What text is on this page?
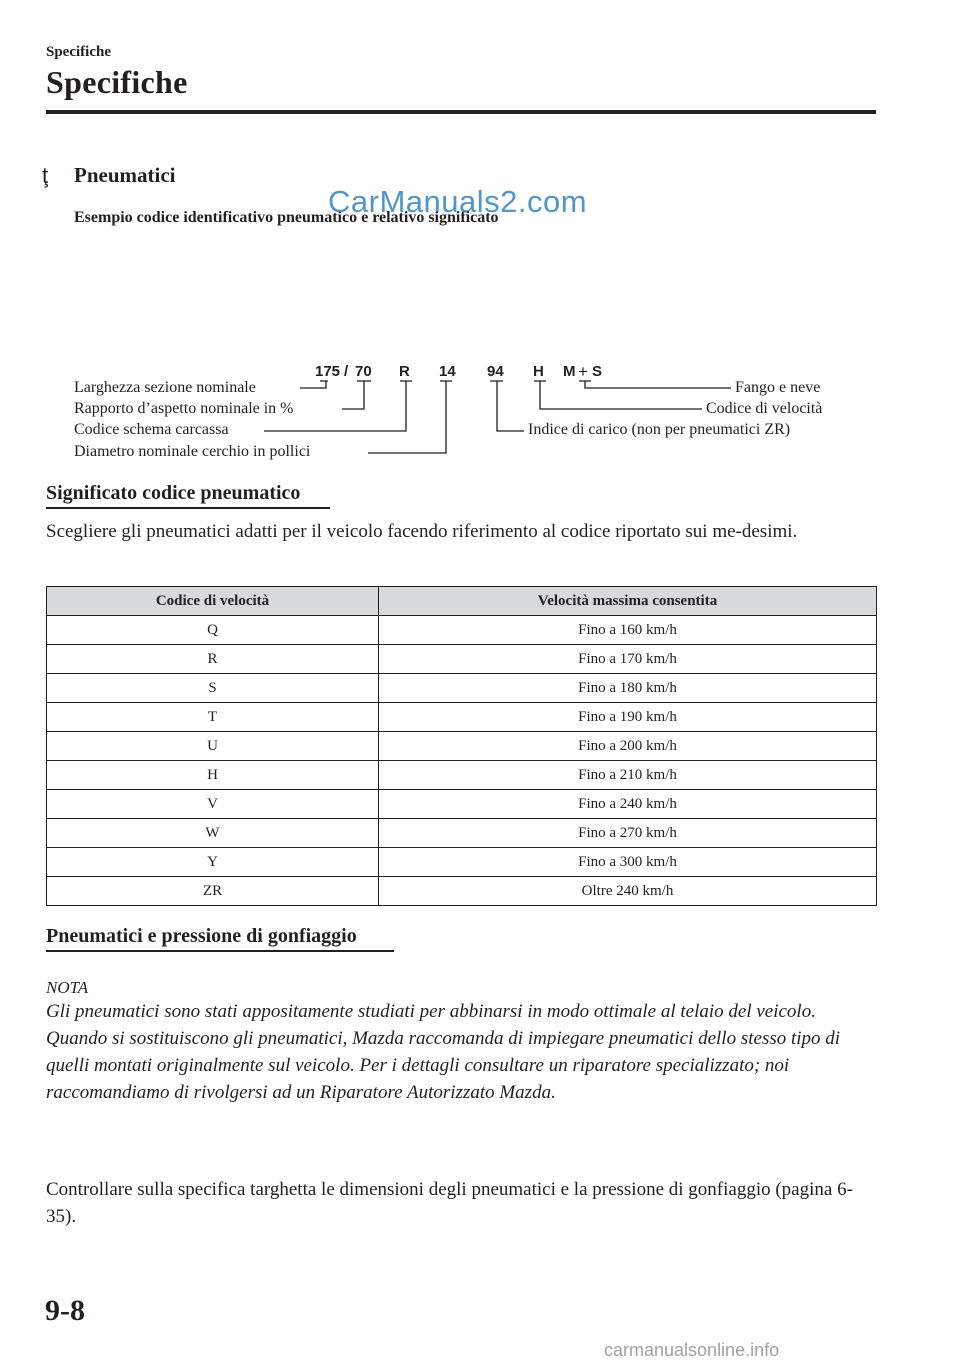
Specifiche
Specifiche
ţ Pneumatici
Esempio codice identificativo pneumatico e relativo significato
CarManuals2.com
175 / 70 R 14 94 H M + S
Larghezza sezione nominale
Rapporto d’aspetto nominale in %
Codice schema carcassa
Diametro nominale cerchio in pollici
Fango e neve
Codice di velocità
Indice di carico (non per pneumatici ZR)
Significato codice pneumatico
Scegliere gli pneumatici adatti per il veicolo facendo riferimento al codice riportato sui me-desimi.
Codice di velocità	Velocità massima consentita
Q	Fino a 160 km/h
R	Fino a 170 km/h
S	Fino a 180 km/h
T	Fino a 190 km/h
U	Fino a 200 km/h
H	Fino a 210 km/h
V	Fino a 240 km/h
W	Fino a 270 km/h
Y	Fino a 300 km/h
ZR	Oltre 240 km/h
Pneumatici e pressione di gonfiaggio
NOTA
Gli pneumatici sono stati appositamente studiati per abbinarsi in modo ottimale al telaio del veicolo. Quando si sostituiscono gli pneumatici, Mazda raccomanda di impiegare pneumatici dello stesso tipo di quelli montati originalmente sul veicolo. Per i dettagli consultare un riparatore specializzato; noi raccomandiamo di rivolgersi ad un Riparatore Autorizzato Mazda.
Controllare sulla specifica targhetta le dimensioni degli pneumatici e la pressione di gonfiaggio (pagina 6-35).
9-8
carmanualsonline.info
